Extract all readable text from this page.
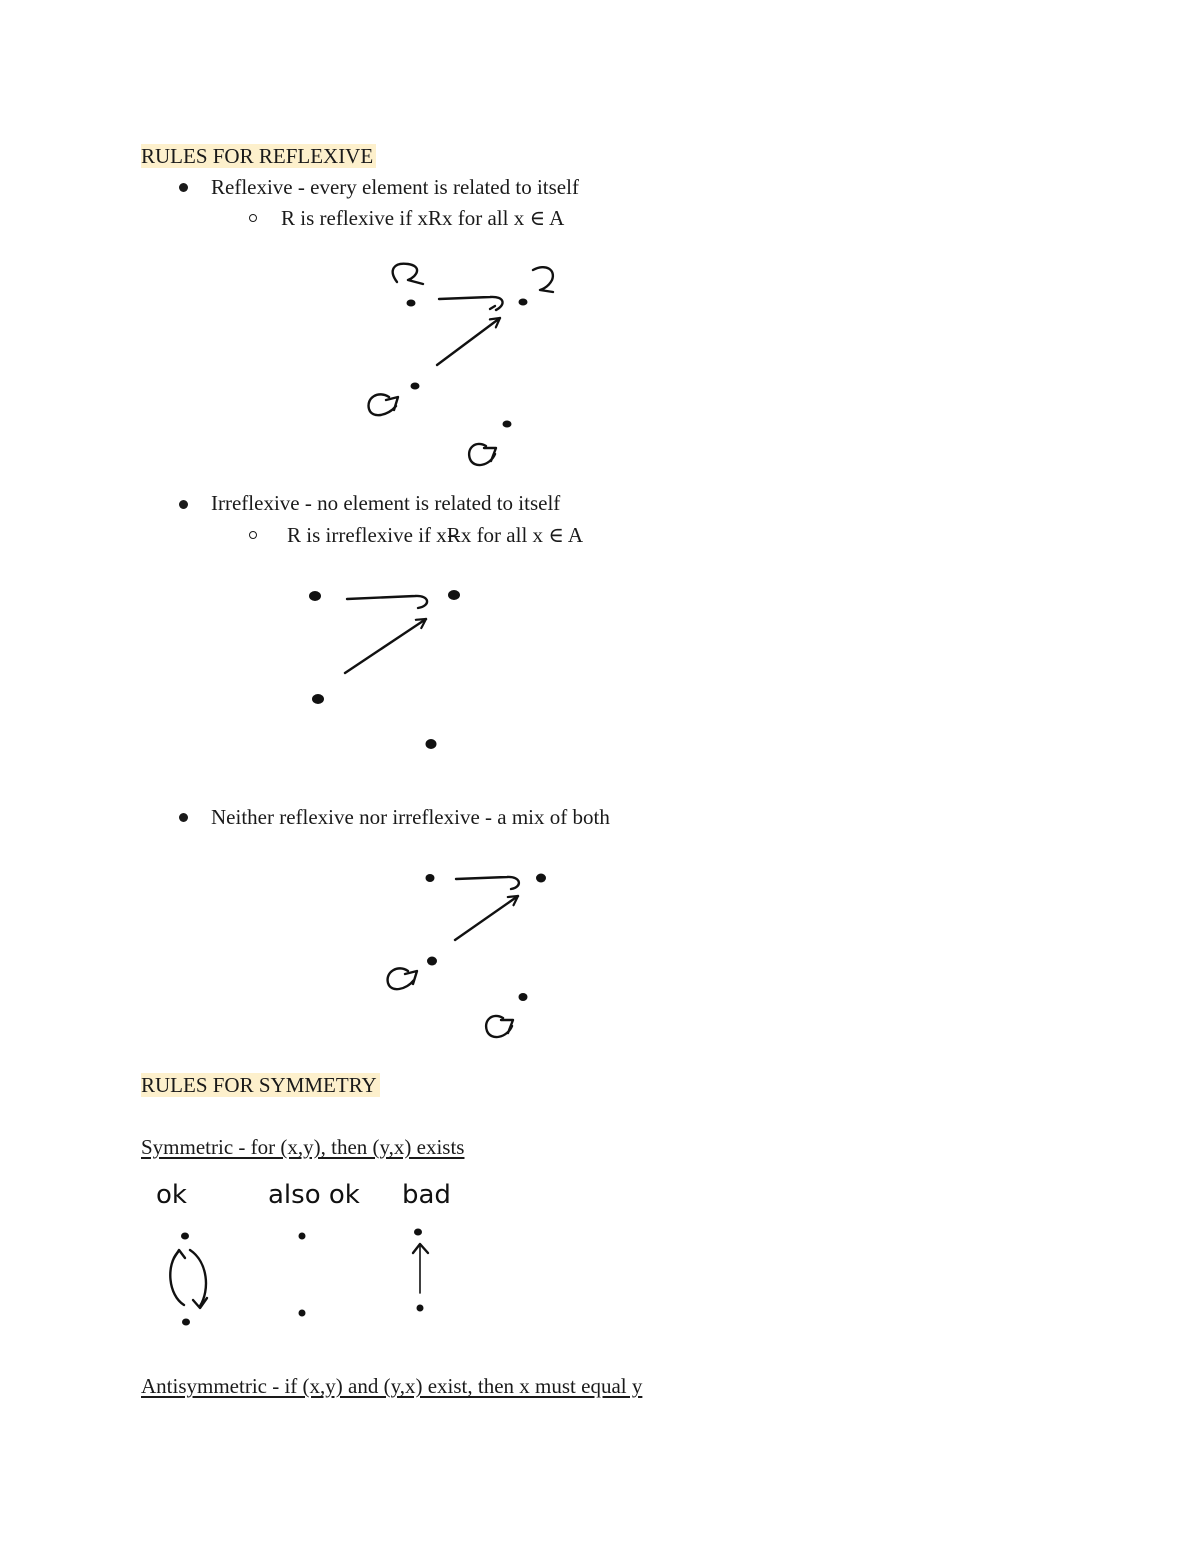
RULES FOR REFLEXIVE
Reflexive - every element is related to itself
R is reflexive if xRx for all x ∈ A
Irreflexive - no element is related to itself
R is irreflexive if xRx for all x ∈ A
Neither reflexive nor irreflexive - a mix of both
RULES FOR SYMMETRY
Symmetric - for (x,y), then (y,x) exists
Antisymmetric - if (x,y) and (y,x) exist, then x must equal y
ok	also ok bad
